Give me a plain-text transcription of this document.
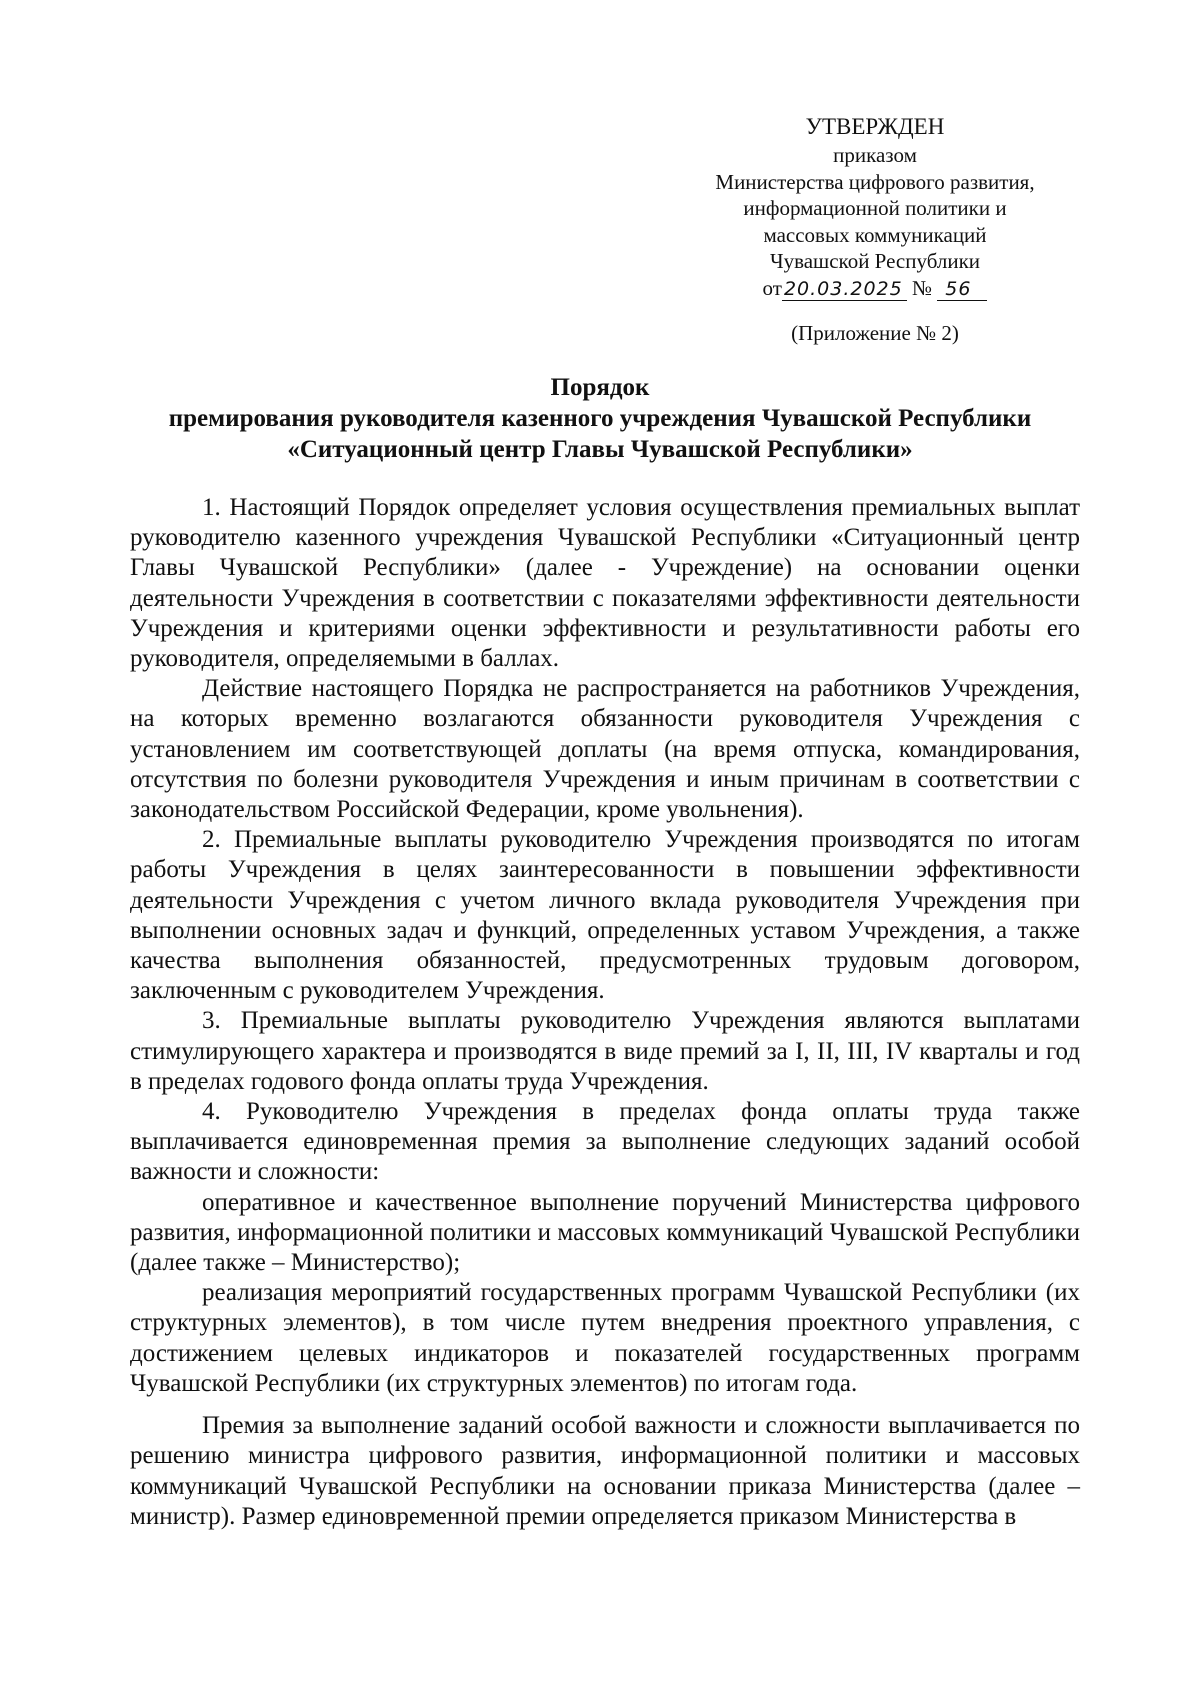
УТВЕРЖДЕН
приказом
Министерства цифрового развития,
информационной политики и
массовых коммуникаций
Чувашской Республики
от 20.03.2025 № 56
(Приложение № 2)
Порядок
премирования руководителя казенного учреждения Чувашской Республики
«Ситуационный центр Главы Чувашской Республики»

1. Настоящий Порядок определяет условия осуществления премиальных выплат руководителю казенного учреждения Чувашской Республики «Ситуационный центр Главы Чувашской Республики» (далее - Учреждение) на основании оценки деятельности Учреждения в соответствии с показателями эффективности деятельности Учреждения и критериями оценки эффективности и результативности работы его руководителя, определяемыми в баллах.

Действие настоящего Порядка не распространяется на работников Учреждения, на которых временно возлагаются обязанности руководителя Учреждения с установлением им соответствующей доплаты (на время отпуска, командирования, отсутствия по болезни руководителя Учреждения и иным причинам в соответствии с законодательством Российской Федерации, кроме увольнения).

2. Премиальные выплаты руководителю Учреждения производятся по итогам работы Учреждения в целях заинтересованности в повышении эффективности деятельности Учреждения с учетом личного вклада руководителя Учреждения при выполнении основных задач и функций, определенных уставом Учреждения, а также качества выполнения обязанностей, предусмотренных трудовым договором, заключенным с руководителем Учреждения.

3. Премиальные выплаты руководителю Учреждения являются выплатами стимулирующего характера и производятся в виде премий за I, II, III, IV кварталы и год в пределах годового фонда оплаты труда Учреждения.

4. Руководителю Учреждения в пределах фонда оплаты труда также выплачивается единовременная премия за выполнение следующих заданий особой важности и сложности:

оперативное и качественное выполнение поручений Министерства цифрового развития, информационной политики и массовых коммуникаций Чувашской Республики (далее также – Министерство);

реализация мероприятий государственных программ Чувашской Республики (их структурных элементов), в том числе путем внедрения проектного управления, с достижением целевых индикаторов и показателей государственных программ Чувашской Республики (их структурных элементов) по итогам года.

Премия за выполнение заданий особой важности и сложности выплачивается по решению министра цифрового развития, информационной политики и массовых коммуникаций Чувашской Республики на основании приказа Министерства (далее – министр). Размер единовременной премии определяется приказом Министерства в
